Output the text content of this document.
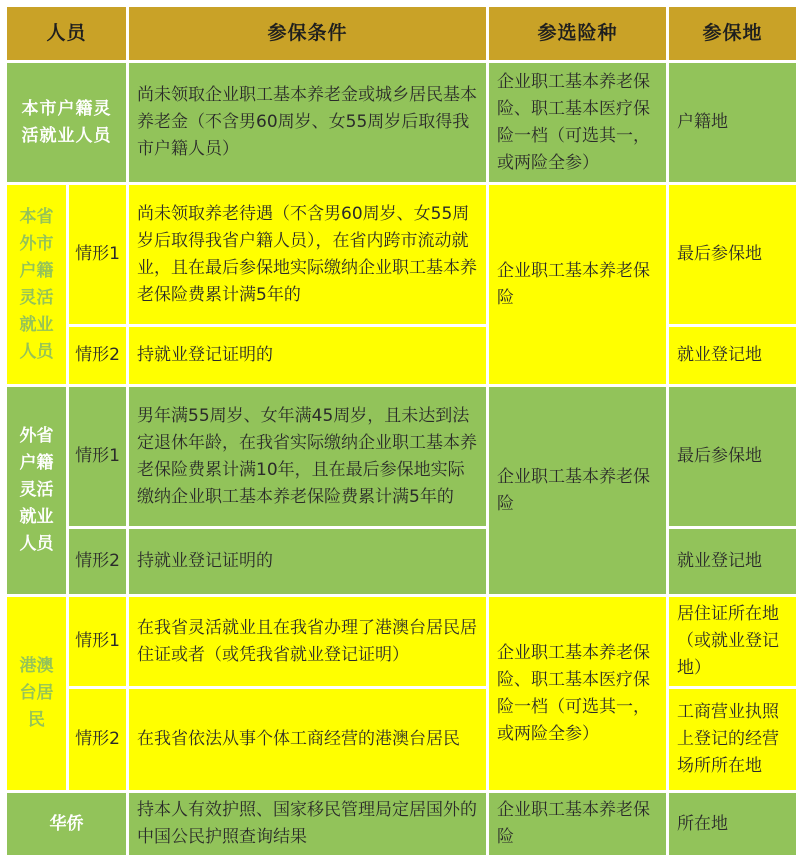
人员		参保条件	参选险种	参保地
本市户籍灵活就业人员		尚未领取企业职工基本养老金或城乡居民基本养老金（不含男60周岁、女55周岁后取得我市户籍人员）	企业职工基本养老保险、职工基本医疗保险一档（可选其一，或两险全参）	户籍地
本省外市户籍灵活就业人员	情形1	尚未领取养老待遇（不含男60周岁、女55周岁后取得我省户籍人员），在省内跨市流动就业，且在最后参保地实际缴纳企业职工基本养老保险费累计满5年的	企业职工基本养老保险	最后参保地
	情形2	持就业登记证明的		就业登记地
外省户籍灵活就业人员	情形1	男年满55周岁、女年满45周岁，且未达到法定退休年龄，在我省实际缴纳企业职工基本养老保险费累计满10年，且在最后参保地实际缴纳企业职工基本养老保险费累计满5年的	企业职工基本养老保险	最后参保地
	情形2	持就业登记证明的		就业登记地
港澳台居民	情形1	在我省灵活就业且在我省办理了港澳台居民居住证或者（或凭我省就业登记证明）	企业职工基本养老保险、职工基本医疗保险一档（可选其一，或两险全参）	居住证所在地（或就业登记地）
	情形2	在我省依法从事个体工商经营的港澳台居民		工商营业执照上登记的经营场所所在地
华侨		持本人有效护照、国家移民管理局定居国外的中国公民护照查询结果	企业职工基本养老保险	所在地
